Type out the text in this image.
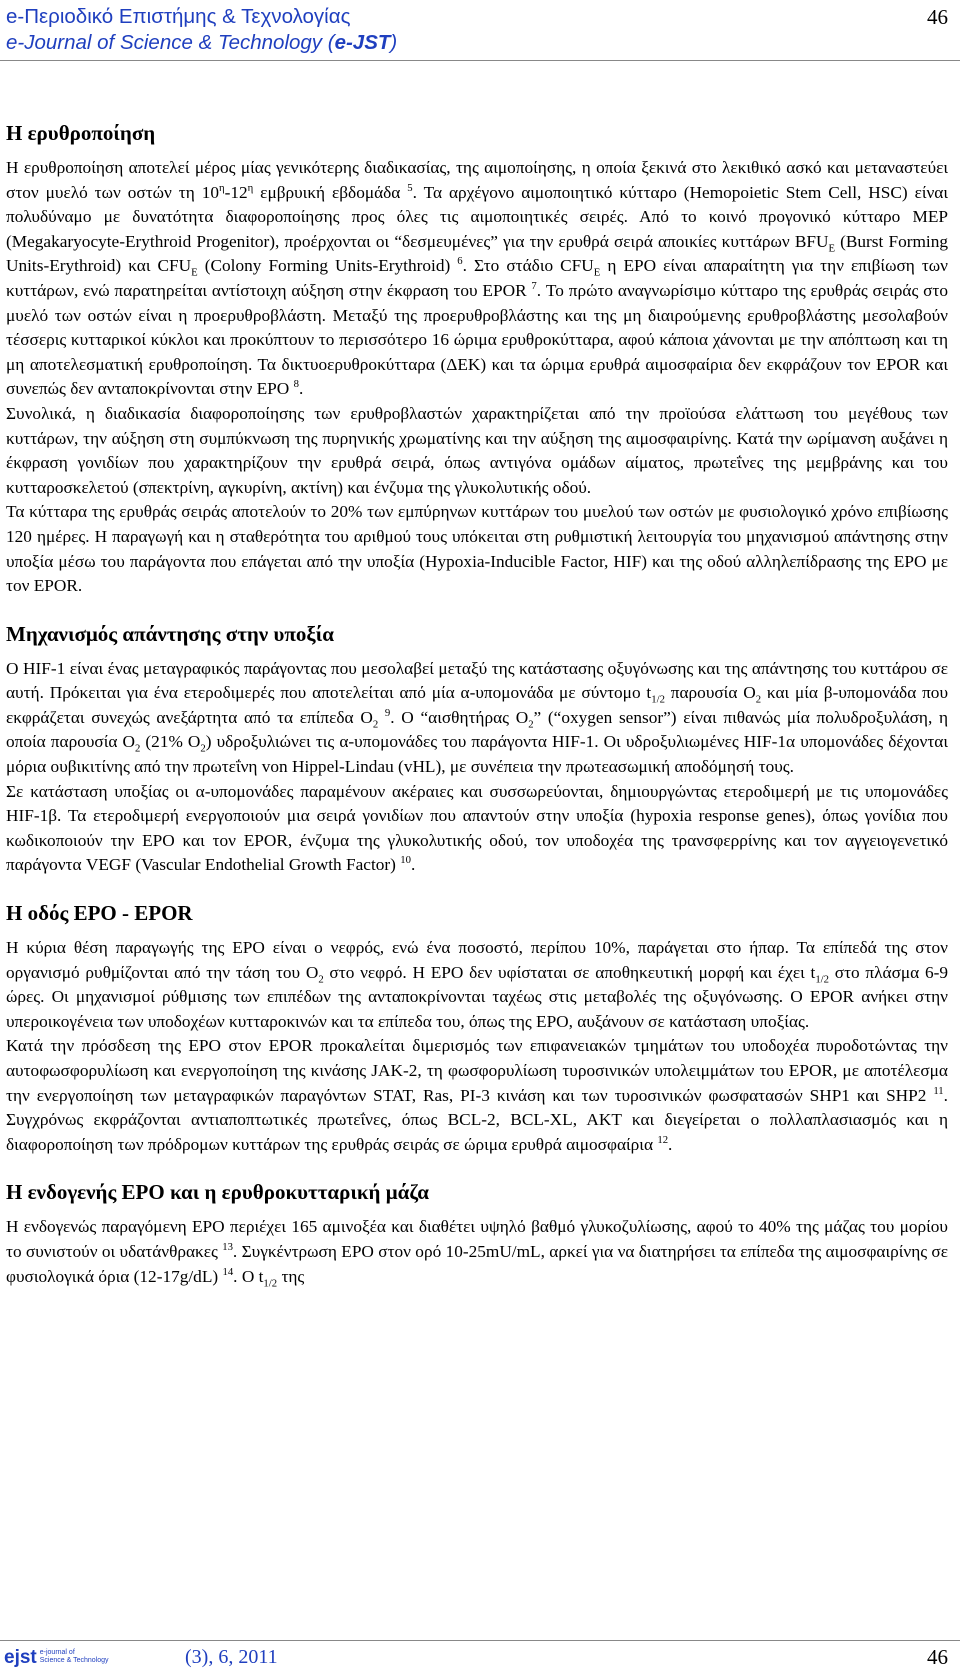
e-Περιοδικό Επιστήμης & Τεχνολογίας
e-Journal of Science & Technology (e-JST)
46
Η ερυθροποίηση

Η ερυθροποίηση αποτελεί μέρος μίας γενικότερης διαδικασίας, της αιμοποίησης, η οποία ξεκινά στο λεκιθικό ασκό και μεταναστεύει στον μυελό των οστών τη $10^\eta-12^\eta$ εμβρυική εβδομάδα $^5$. Τα αρχέγονο αιμοποιητικό κύτταρο (Hemopoietic Stem Cell, HSC) είναι πολυδύναμο με δυνατότητα διαφοροποίησης προς όλες τις αιμοποιητικές σειρές. Από το κοινό προγονικό κύτταρο MEP (Megakaryocyte-Erythroid Progenitor), προέρχονται οι “δεσμευμένες” για την ερυθρά σειρά αποικίες κυττάρων $BFU_E$ (Burst Forming Units-Erythroid) και $CFU_E$ (Colony Forming Units-Erythroid) $^6$. Στο στάδιο $CFU_E$ η EPO είναι απαραίτητη για την επιβίωση των κυττάρων, ενώ παρατηρείται αντίστοιχη αύξηση στην έκφραση του EPOR $^7$. Το πρώτο αναγνωρίσιμο κύτταρο της ερυθράς σειράς στο μυελό των οστών είναι η προερυθροβλάστη. Μεταξύ της προερυθροβλάστης και της μη διαιρούμενης ερυθροβλάστης μεσολαβούν τέσσερις κυτταρικοί κύκλοι και προκύπτουν το περισσότερο 16 ώριμα ερυθροκύτταρα, αφού κάποια χάνονται με την απόπτωση και τη μη αποτελεσματική ερυθροποίηση. Τα δικτυοερυθροκύτταρα (ΔΕΚ) και τα ώριμα ερυθρά αιμοσφαίρια δεν εκφράζουν τον EPOR και συνεπώς δεν ανταποκρίνονται στην EPO $^8$.

Συνολικά, η διαδικασία διαφοροποίησης των ερυθροβλαστών χαρακτηρίζεται από την προϊούσα ελάττωση του μεγέθους των κυττάρων, την αύξηση στη συμπύκνωση της πυρηνικής χρωματίνης και την αύξηση της αιμοσφαιρίνης. Κατά την ωρίμανση αυξάνει η έκφραση γονιδίων που χαρακτηρίζουν την ερυθρά σειρά, όπως αντιγόνα ομάδων αίματος, πρωτεΐνες της μεμβράνης και του κυτταροσκελετού (σπεκτρίνη, αγκυρίνη, ακτίνη) και ένζυμα της γλυκολυτικής οδού.

Τα κύτταρα της ερυθράς σειράς αποτελούν το 20% των εμπύρηνων κυττάρων του μυελού των οστών με φυσιολογικό χρόνο επιβίωσης 120 ημέρες. Η παραγωγή και η σταθερότητα του αριθμού τους υπόκειται στη ρυθμιστική λειτουργία του μηχανισμού απάντησης στην υποξία μέσω του παράγοντα που επάγεται από την υποξία (Hypoxia-Inducible Factor, HIF) και της οδού αλληλεπίδρασης της EPO με τον EPOR.

Μηχανισμός απάντησης στην υποξία

Ο HIF-1 είναι ένας μεταγραφικός παράγοντας που μεσολαβεί μεταξύ της κατάστασης οξυγόνωσης και της απάντησης του κυττάρου σε αυτή. Πρόκειται για ένα ετεροδιμερές που αποτελείται από μία α-υπομονάδα με σύντομο $t_{1/2}$ παρουσία $O_2$ και μία β-υπομονάδα που εκφράζεται συνεχώς ανεξάρτητα από τα επίπεδα $O_2$ $^9$. Ο “αισθητήρας $O_2$” (“oxygen sensor”) είναι πιθανώς μία πολυδροξυλάση, η οποία παρουσία $O_2$ (21% $O_2$) υδροξυλιώνει τις α-υπομονάδες του παράγοντα HIF-1. Οι υδροξυλιωμένες HIF-1α υπομονάδες δέχονται μόρια ουβικιτίνης από την πρωτεΐνη von Hippel-Lindau (vHL), με συνέπεια την πρωτεασωμική αποδόμησή τους.

Σε κατάσταση υποξίας οι α-υπομονάδες παραμένουν ακέραιες και συσσωρεύονται, δημιουργώντας ετεροδιμερή με τις υπομονάδες HIF-1β. Τα ετεροδιμερή ενεργοποιούν μια σειρά γονιδίων που απαντούν στην υποξία (hypoxia response genes), όπως γονίδια που κωδικοποιούν την EPO και τον EPOR, ένζυμα της γλυκολυτικής οδού, τον υποδοχέα της τρανσφερρίνης και τον αγγειογενετικό παράγοντα VEGF (Vascular Endothelial Growth Factor) $^{10}$.

Η οδός EPO - EPOR

Η κύρια θέση παραγωγής της EPO είναι ο νεφρός, ενώ ένα ποσοστό, περίπου 10%, παράγεται στο ήπαρ. Τα επίπεδά της στον οργανισμό ρυθμίζονται από την τάση του $O_2$ στο νεφρό. Η EPO δεν υφίσταται σε αποθηκευτική μορφή και έχει $t_{1/2}$ στο πλάσμα 6-9 ώρες. Οι μηχανισμοί ρύθμισης των επιπέδων της ανταποκρίνονται ταχέως στις μεταβολές της οξυγόνωσης. Ο EPOR ανήκει στην υπεροικογένεια των υποδοχέων κυτταροκινών και τα επίπεδα του, όπως της EPO, αυξάνουν σε κατάσταση υποξίας.

Κατά την πρόσδεση της EPO στον EPOR προκαλείται διμερισμός των επιφανειακών τμημάτων του υποδοχέα πυροδοτώντας την αυτοφωσφορυλίωση και ενεργοποίηση της κινάσης JAK-2, τη φωσφορυλίωση τυροσινικών υπολειμμάτων του EPOR, με αποτέλεσμα την ενεργοποίηση των μεταγραφικών παραγόντων STAT, Ras, PI-3 κινάση και των τυροσινικών φωσφατασών SHP1 και SHP2 $^{11}$. Συγχρόνως εκφράζονται αντιαποπτωτικές πρωτεΐνες, όπως BCL-2, BCL-XL, AKT και διεγείρεται ο πολλαπλασιασμός και η διαφοροποίηση των πρόδρομων κυττάρων της ερυθράς σειράς σε ώριμα ερυθρά αιμοσφαίρια $^{12}$.

Η ενδογενής EPO και η ερυθροκυτταρική μάζα

Η ενδογενώς παραγόμενη EPO περιέχει 165 αμινοξέα και διαθέτει υψηλό βαθμό γλυκοζυλίωσης, αφού το 40% της μάζας του μορίου το συνιστούν οι υδατάνθρακες $^{13}$. Συγκέντρωση EPO στον ορό 10-25mU/mL, αρκεί για να διατηρήσει τα επίπεδα της αιμοσφαιρίνης σε φυσιολογικά όρια (12-17g/dL) $^{14}$. Ο $t_{1/2}$ της

ejst e-journal of
Science & Technology	(3), 6, 2011	46
